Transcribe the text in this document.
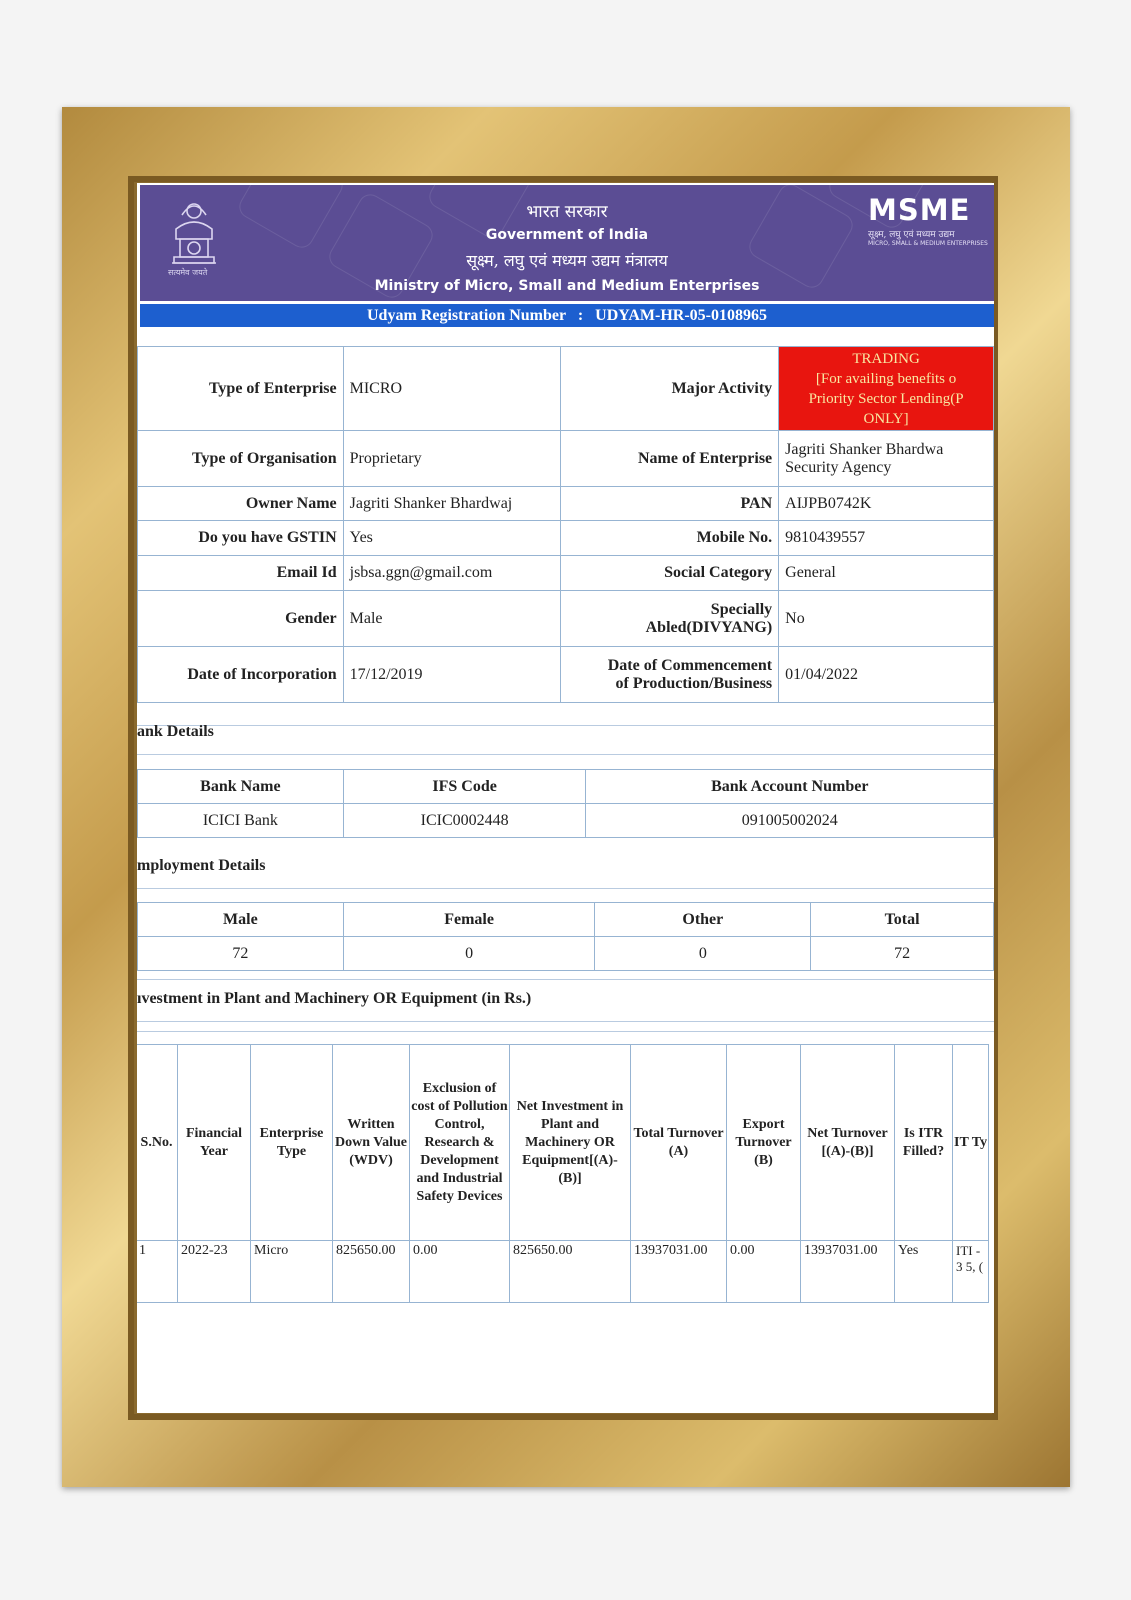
सत्यमेव जयते
भारत सरकार
Government of India
सूक्ष्म, लघु एवं मध्यम उद्यम मंत्रालय
Ministry of Micro, Small and Medium Enterprises
MSME
सूक्ष्म, लघु एवं मध्यम उद्यम
MICRO, SMALL & MEDIUM ENTERPRISES
Udyam Registration Number : UDYAM-HR-05-0108965
Type of Enterprise	MICRO	Major Activity	TRADING
[For availing benefits o
Priority Sector Lending(P
ONLY]

Type of Organisation	Proprietary	Name of Enterprise	Jagriti Shanker Bhardwa
Security Agency

Owner Name	Jagriti Shanker Bhardwaj	PAN	AIJPB0742K
Do you have GSTIN	Yes	Mobile No.	9810439557
Email Id	jsbsa.ggn@gmail.com	Social Category	General
Gender	Male	Specially
Abled(DIVYANG)	No
Date of Incorporation	17/12/2019	Date of Commencement
of Production/Business	01/04/2022
ank Details
Bank Name	IFS Code	Bank Account Number
ICICI Bank	ICIC0002448	091005002024
mployment Details
Male	Female	Other	Total
72	0	0	72
ıvestment in Plant and Machinery OR Equipment (in Rs.)
S.No.	Financial Year	Enterprise Type	Written Down Value (WDV)	Exclusion of cost of Pollution Control, Research & Development and Industrial Safety Devices	Net Investment in Plant and Machinery OR Equipment[(A)-(B)]	Total Turnover (A)	Export Turnover (B)	Net Turnover [(A)-(B)]	Is ITR Filled?	IT Ty
1	2022-23	Micro	825650.00	0.00	825650.00	13937031.00	0.00	13937031.00	Yes	ITI - 3 5, (
